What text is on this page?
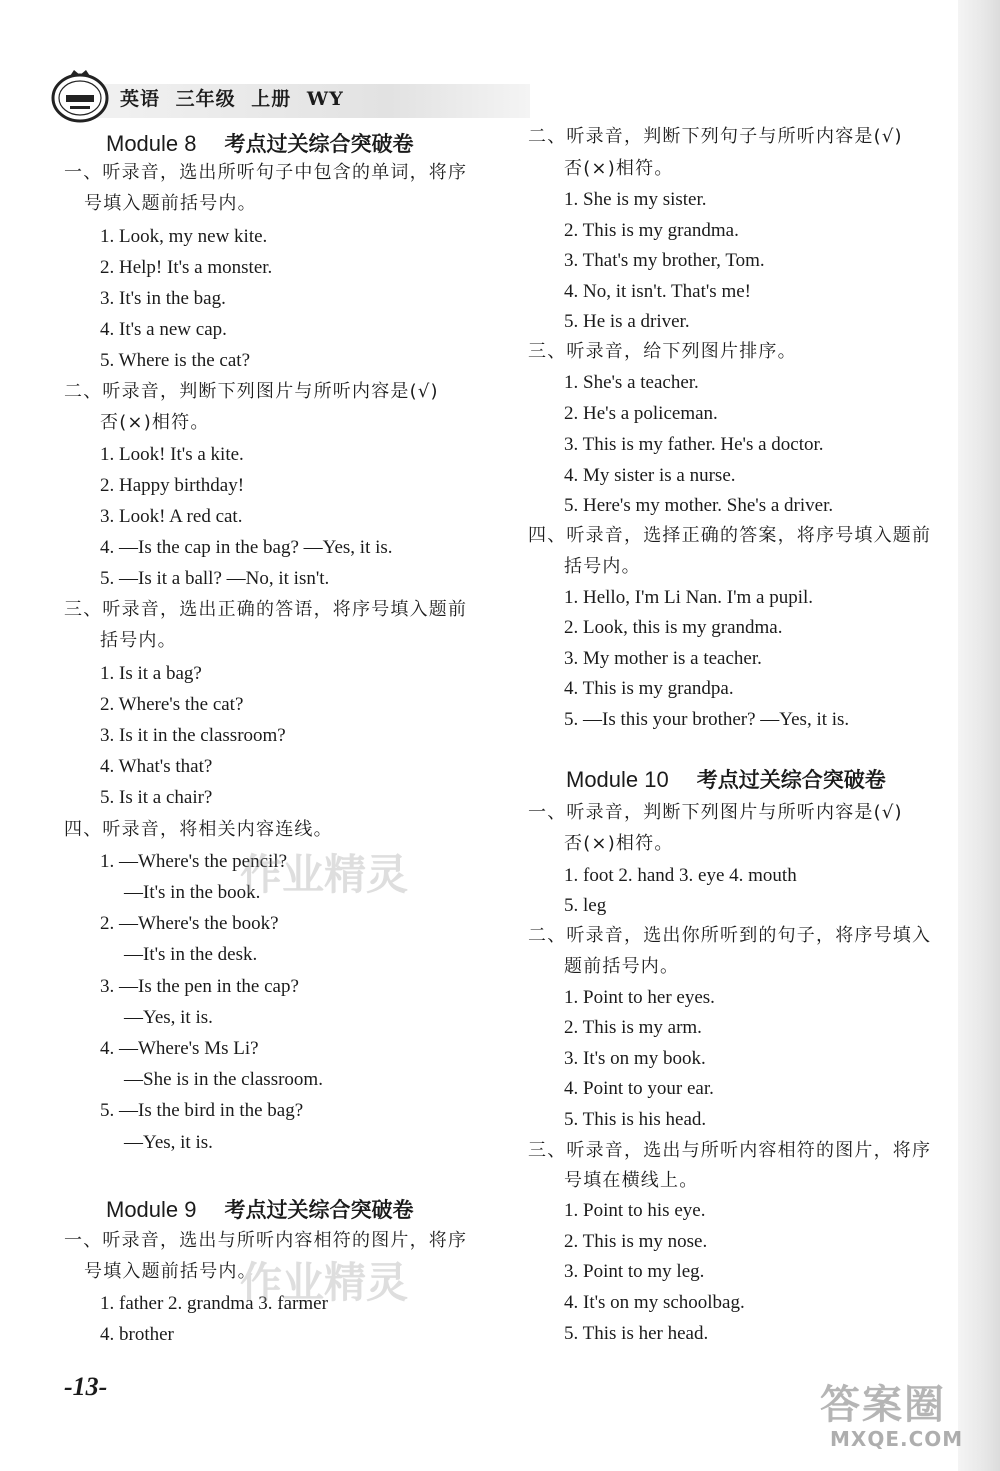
英语 三年级 上册 WY
Module 8 考点过关综合突破卷
一、听录音，选出所听句子中包含的单词，将序
号填入题前括号内。
1. Look, my new kite.
2. Help! It's a monster.
3. It's in the bag.
4. It's a new cap.
5. Where is the cat?
二、听录音，判断下列图片与所听内容是(√)
否(×)相符。
1. Look! It's a kite.
2. Happy birthday!
3. Look! A red cat.
4. —Is the cap in the bag? —Yes, it is.
5. —Is it a ball? —No, it isn't.
三、听录音，选出正确的答语，将序号填入题前
括号内。
1. Is it a bag?
2. Where's the cat?
3. Is it in the classroom?
4. What's that?
5. Is it a chair?
四、听录音，将相关内容连线。
1. —Where's the pencil?
—It's in the book.
2. —Where's the book?
—It's in the desk.
3. —Is the pen in the cap?
—Yes, it is.
4. —Where's Ms Li?
—She is in the classroom.
5. —Is the bird in the bag?
—Yes, it is.
Module 9 考点过关综合突破卷
一、听录音，选出与所听内容相符的图片，将序
号填入题前括号内。
1. father 2. grandma 3. farmer
4. brother
二、听录音，判断下列句子与所听内容是(√)
否(×)相符。
1. She is my sister.
2. This is my grandma.
3. That's my brother, Tom.
4. No, it isn't. That's me!
5. He is a driver.
三、听录音，给下列图片排序。
1. She's a teacher.
2. He's a policeman.
3. This is my father. He's a doctor.
4. My sister is a nurse.
5. Here's my mother. She's a driver.
四、听录音，选择正确的答案，将序号填入题前
括号内。
1. Hello, I'm Li Nan. I'm a pupil.
2. Look, this is my grandma.
3. My mother is a teacher.
4. This is my grandpa.
5. —Is this your brother? —Yes, it is.
Module 10 考点过关综合突破卷
一、听录音，判断下列图片与所听内容是(√)
否(×)相符。
1. foot 2. hand 3. eye 4. mouth
5. leg
二、听录音，选出你所听到的句子，将序号填入
题前括号内。
1. Point to her eyes.
2. This is my arm.
3. It's on my book.
4. Point to your ear.
5. This is his head.
三、听录音，选出与所听内容相符的图片，将序
号填在横线上。
1. Point to his eye.
2. This is my nose.
3. Point to my leg.
4. It's on my schoolbag.
5. This is her head.
作业精灵
作业精灵
-13-	答案圈
MXQE.COM
